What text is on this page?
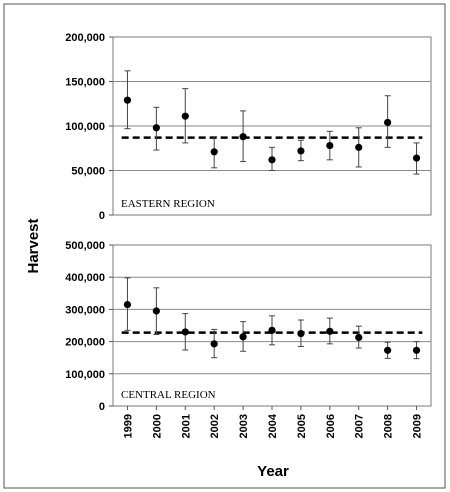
Harvest
Year
0
50,000
100,000
150,000
200,000
EASTERN REGION
0
100,000
200,000
300,000
400,000
500,000
CENTRAL REGION
1999 2000 2001 2002 2003 2004 2005 2006 2007 2008 2009
